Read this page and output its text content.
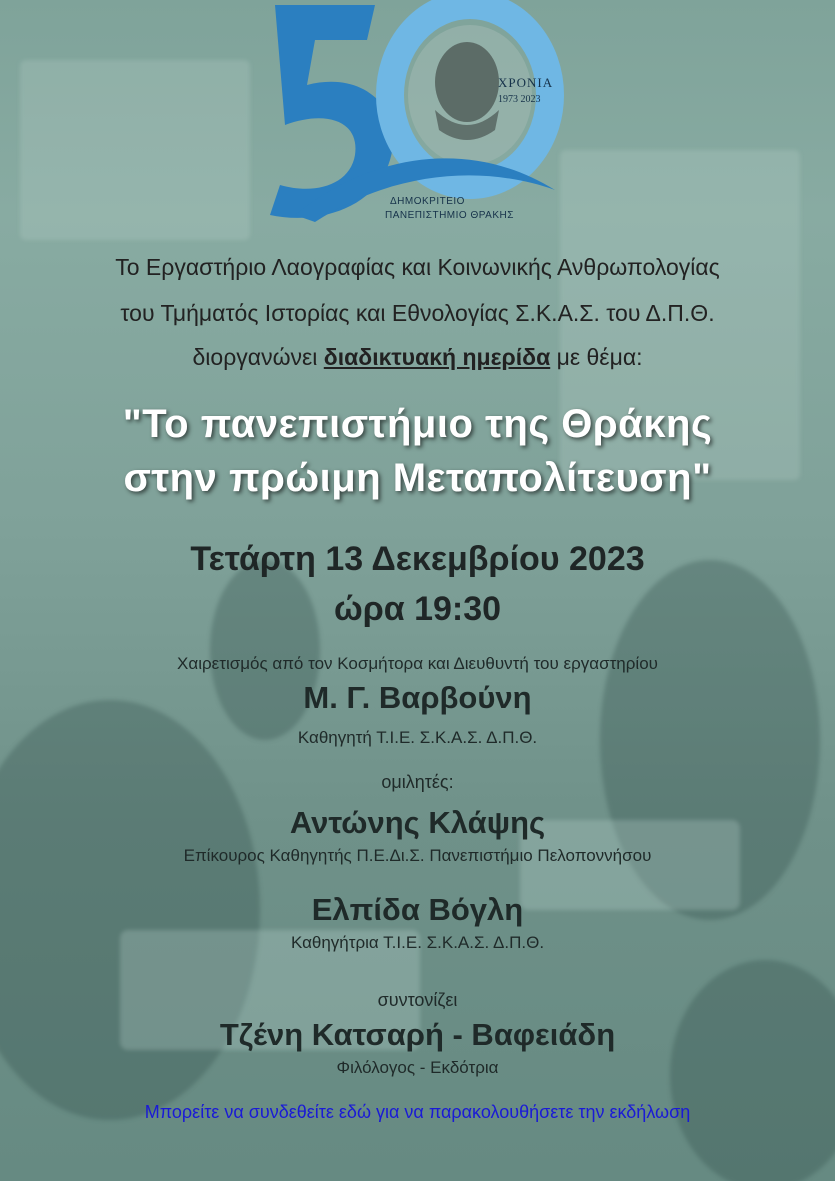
ΧΡΟΝΙΑ
1973 2023
ΔΗΜΟΚΡΙΤΕΙΟ
ΠΑΝΕΠΙΣΤΗΜΙΟ ΘΡΑΚΗΣ
Το Εργαστήριο Λαογραφίας και Κοινωνικής Ανθρωπολογίας
του Τμήματός Ιστορίας και Εθνολογίας Σ.Κ.Α.Σ. του Δ.Π.Θ.
διοργανώνει διαδικτυακή ημερίδα με θέμα:
"Το πανεπιστήμιο της Θράκης
στην πρώιμη Μεταπολίτευση"
Τετάρτη 13 Δεκεμβρίου 2023
ώρα 19:30
Χαιρετισμός από τον Κοσμήτορα και Διευθυντή του εργαστηρίου
Μ. Γ. Βαρβούνη
Καθηγητή Τ.Ι.Ε. Σ.Κ.Α.Σ. Δ.Π.Θ.
ομιλητές:
Αντώνης Κλάψης
Επίκουρος Καθηγητής Π.Ε.Δι.Σ. Πανεπιστήμιο Πελοποννήσου
Ελπίδα Βόγλη
Καθηγήτρια Τ.Ι.Ε. Σ.Κ.Α.Σ. Δ.Π.Θ.
συντονίζει
Τζένη Κατσαρή - Βαφειάδη
Φιλόλογος - Εκδότρια
Μπορείτε να συνδεθείτε εδώ για να παρακολουθήσετε την εκδήλωση
